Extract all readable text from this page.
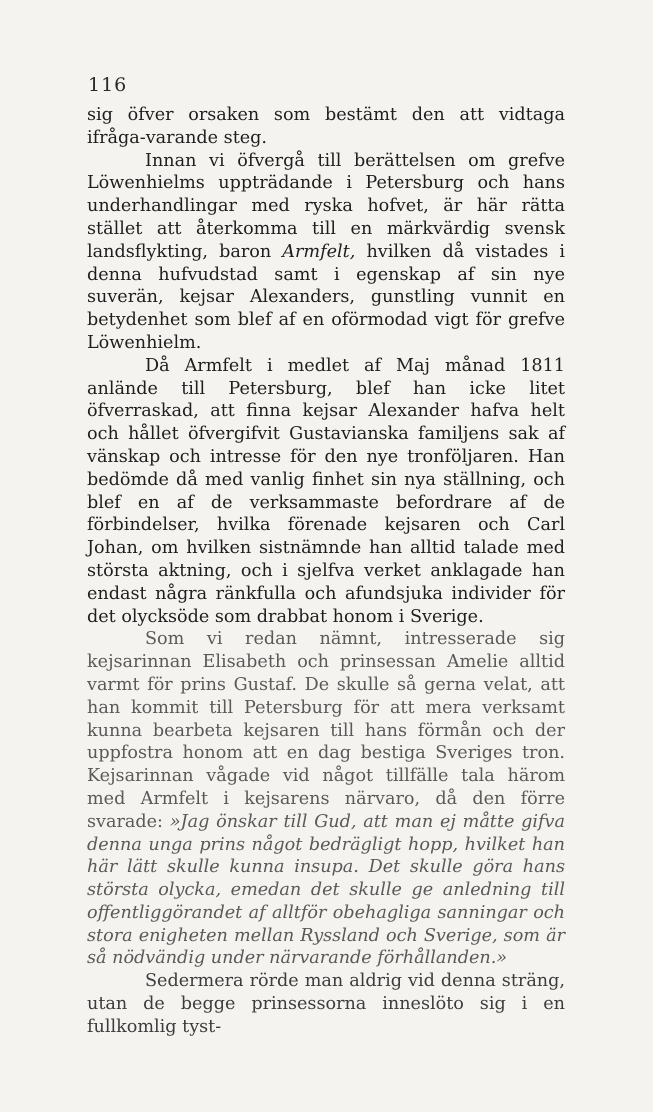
116

sig öfver orsaken som bestämt den att vidtaga ifråga-varande steg.

Innan vi öfvergå till berättelsen om grefve Löwenhielms uppträdande i Petersburg och hans underhandlingar med ryska hofvet, är här rätta stället att återkomma till en märkvärdig svensk landsflykting, baron Armfelt, hvilken då vistades i denna hufvudstad samt i egenskap af sin nye suverän, kejsar Alexanders, gunstling vunnit en betydenhet som blef af en oförmodad vigt för grefve Löwenhielm.

Då Armfelt i medlet af Maj månad 1811 anlände till Petersburg, blef han icke litet öfverraskad, att finna kejsar Alexander hafva helt och hållet öfvergifvit Gustavianska familjens sak af vänskap och intresse för den nye tronföljaren. Han bedömde då med vanlig finhet sin nya ställning, och blef en af de verksammaste befordrare af de förbindelser, hvilka förenade kejsaren och Carl Johan, om hvilken sistnämnde han alltid talade med största aktning, och i sjelfva verket anklagade han endast några ränkfulla och afundsjuka individer för det olycksöde som drabbat honom i Sverige.

Som vi redan nämnt, intresserade sig kejsarinnan Elisabeth och prinsessan Amelie alltid varmt för prins Gustaf. De skulle så gerna velat, att han kommit till Petersburg för att mera verksamt kunna bearbeta kejsaren till hans förmån och der uppfostra honom att en dag bestiga Sveriges tron. Kejsarinnan vågade vid något tillfälle tala härom med Armfelt i kejsarens närvaro, då den förre svarade: »Jag önskar till Gud, att man ej måtte gifva denna unga prins något bedrägligt hopp, hvilket han här lätt skulle kunna insupa. Det skulle göra hans största olycka, emedan det skulle ge anledning till offentliggörandet af alltför obehagliga sanningar och stora enigheten mellan Ryssland och Sverige, som är så nödvändig under närvarande förhållanden.»

Sedermera rörde man aldrig vid denna sträng, utan de begge prinsessorna inneslöto sig i en fullkomlig tyst-
